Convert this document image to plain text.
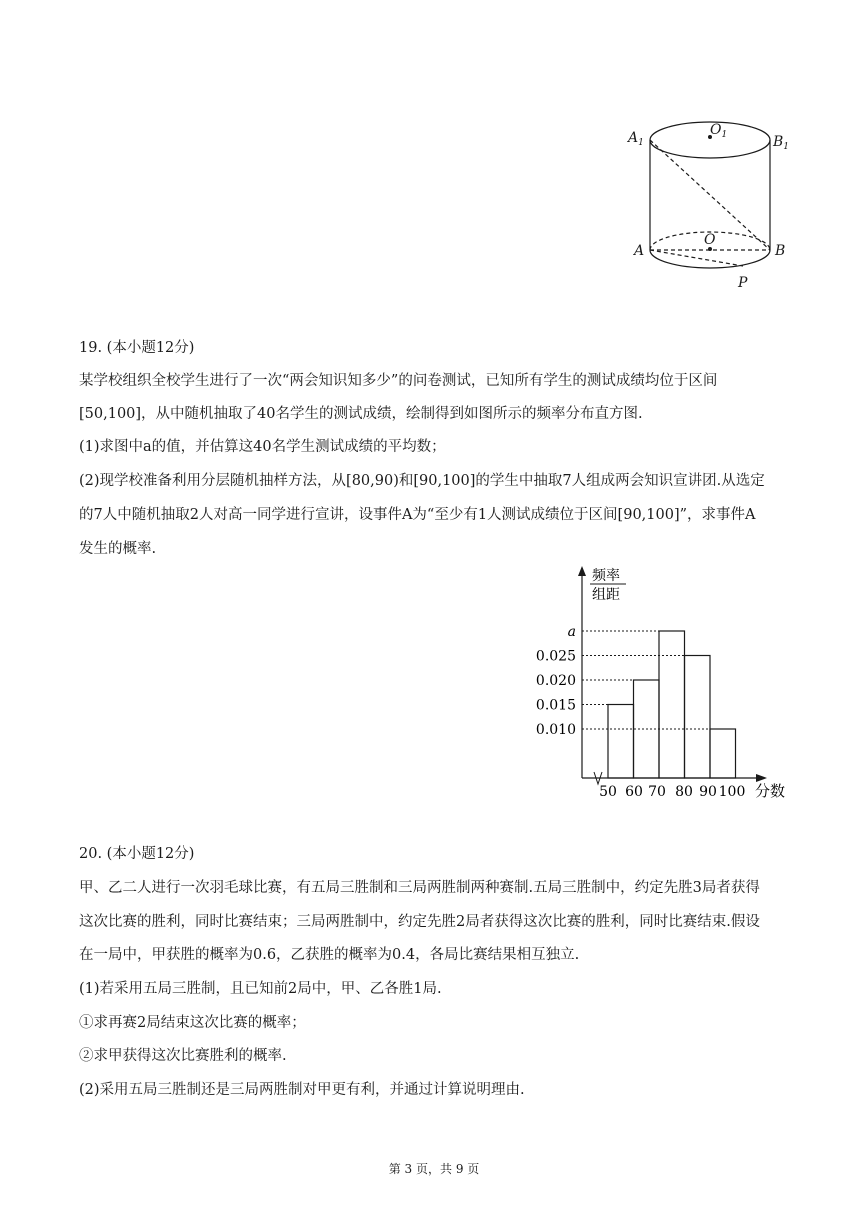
$A_1$
$O_1$	$B_1$
A
O
B
P
19. (本小题12分)
某学校组织全校学生进行了一次“两会知识知多少”的问卷测试，已知所有学生的测试成绩均位于区间
[50,100]，从中随机抽取了40名学生的测试成绩，绘制得到如图所示的频率分布直方图.
(1)求图中a的值，并估算这40名学生测试成绩的平均数；
(2)现学校准备利用分层随机抽样方法，从[80,90)和[90,100]的学生中抽取7人组成两会知识宣讲团.从选定
的7人中随机抽取2人对高一同学进行宣讲，设事件A为“至少有1人测试成绩位于区间[90,100]”，求事件A
发生的概率.
频率
组距
分数
0.010
0.015
0.020
0.025
a
50 60 70 80 90 100
20. (本小题12分)
甲、乙二人进行一次羽毛球比赛，有五局三胜制和三局两胜制两种赛制.五局三胜制中，约定先胜3局者获得
这次比赛的胜利，同时比赛结束；三局两胜制中，约定先胜2局者获得这次比赛的胜利，同时比赛结束.假设
在一局中，甲获胜的概率为0.6，乙获胜的概率为0.4，各局比赛结果相互独立.
(1)若采用五局三胜制，且已知前2局中，甲、乙各胜1局.
①求再赛2局结束这次比赛的概率；
②求甲获得这次比赛胜利的概率.
(2)采用五局三胜制还是三局两胜制对甲更有利，并通过计算说明理由.
第 3 页，共 9 页
